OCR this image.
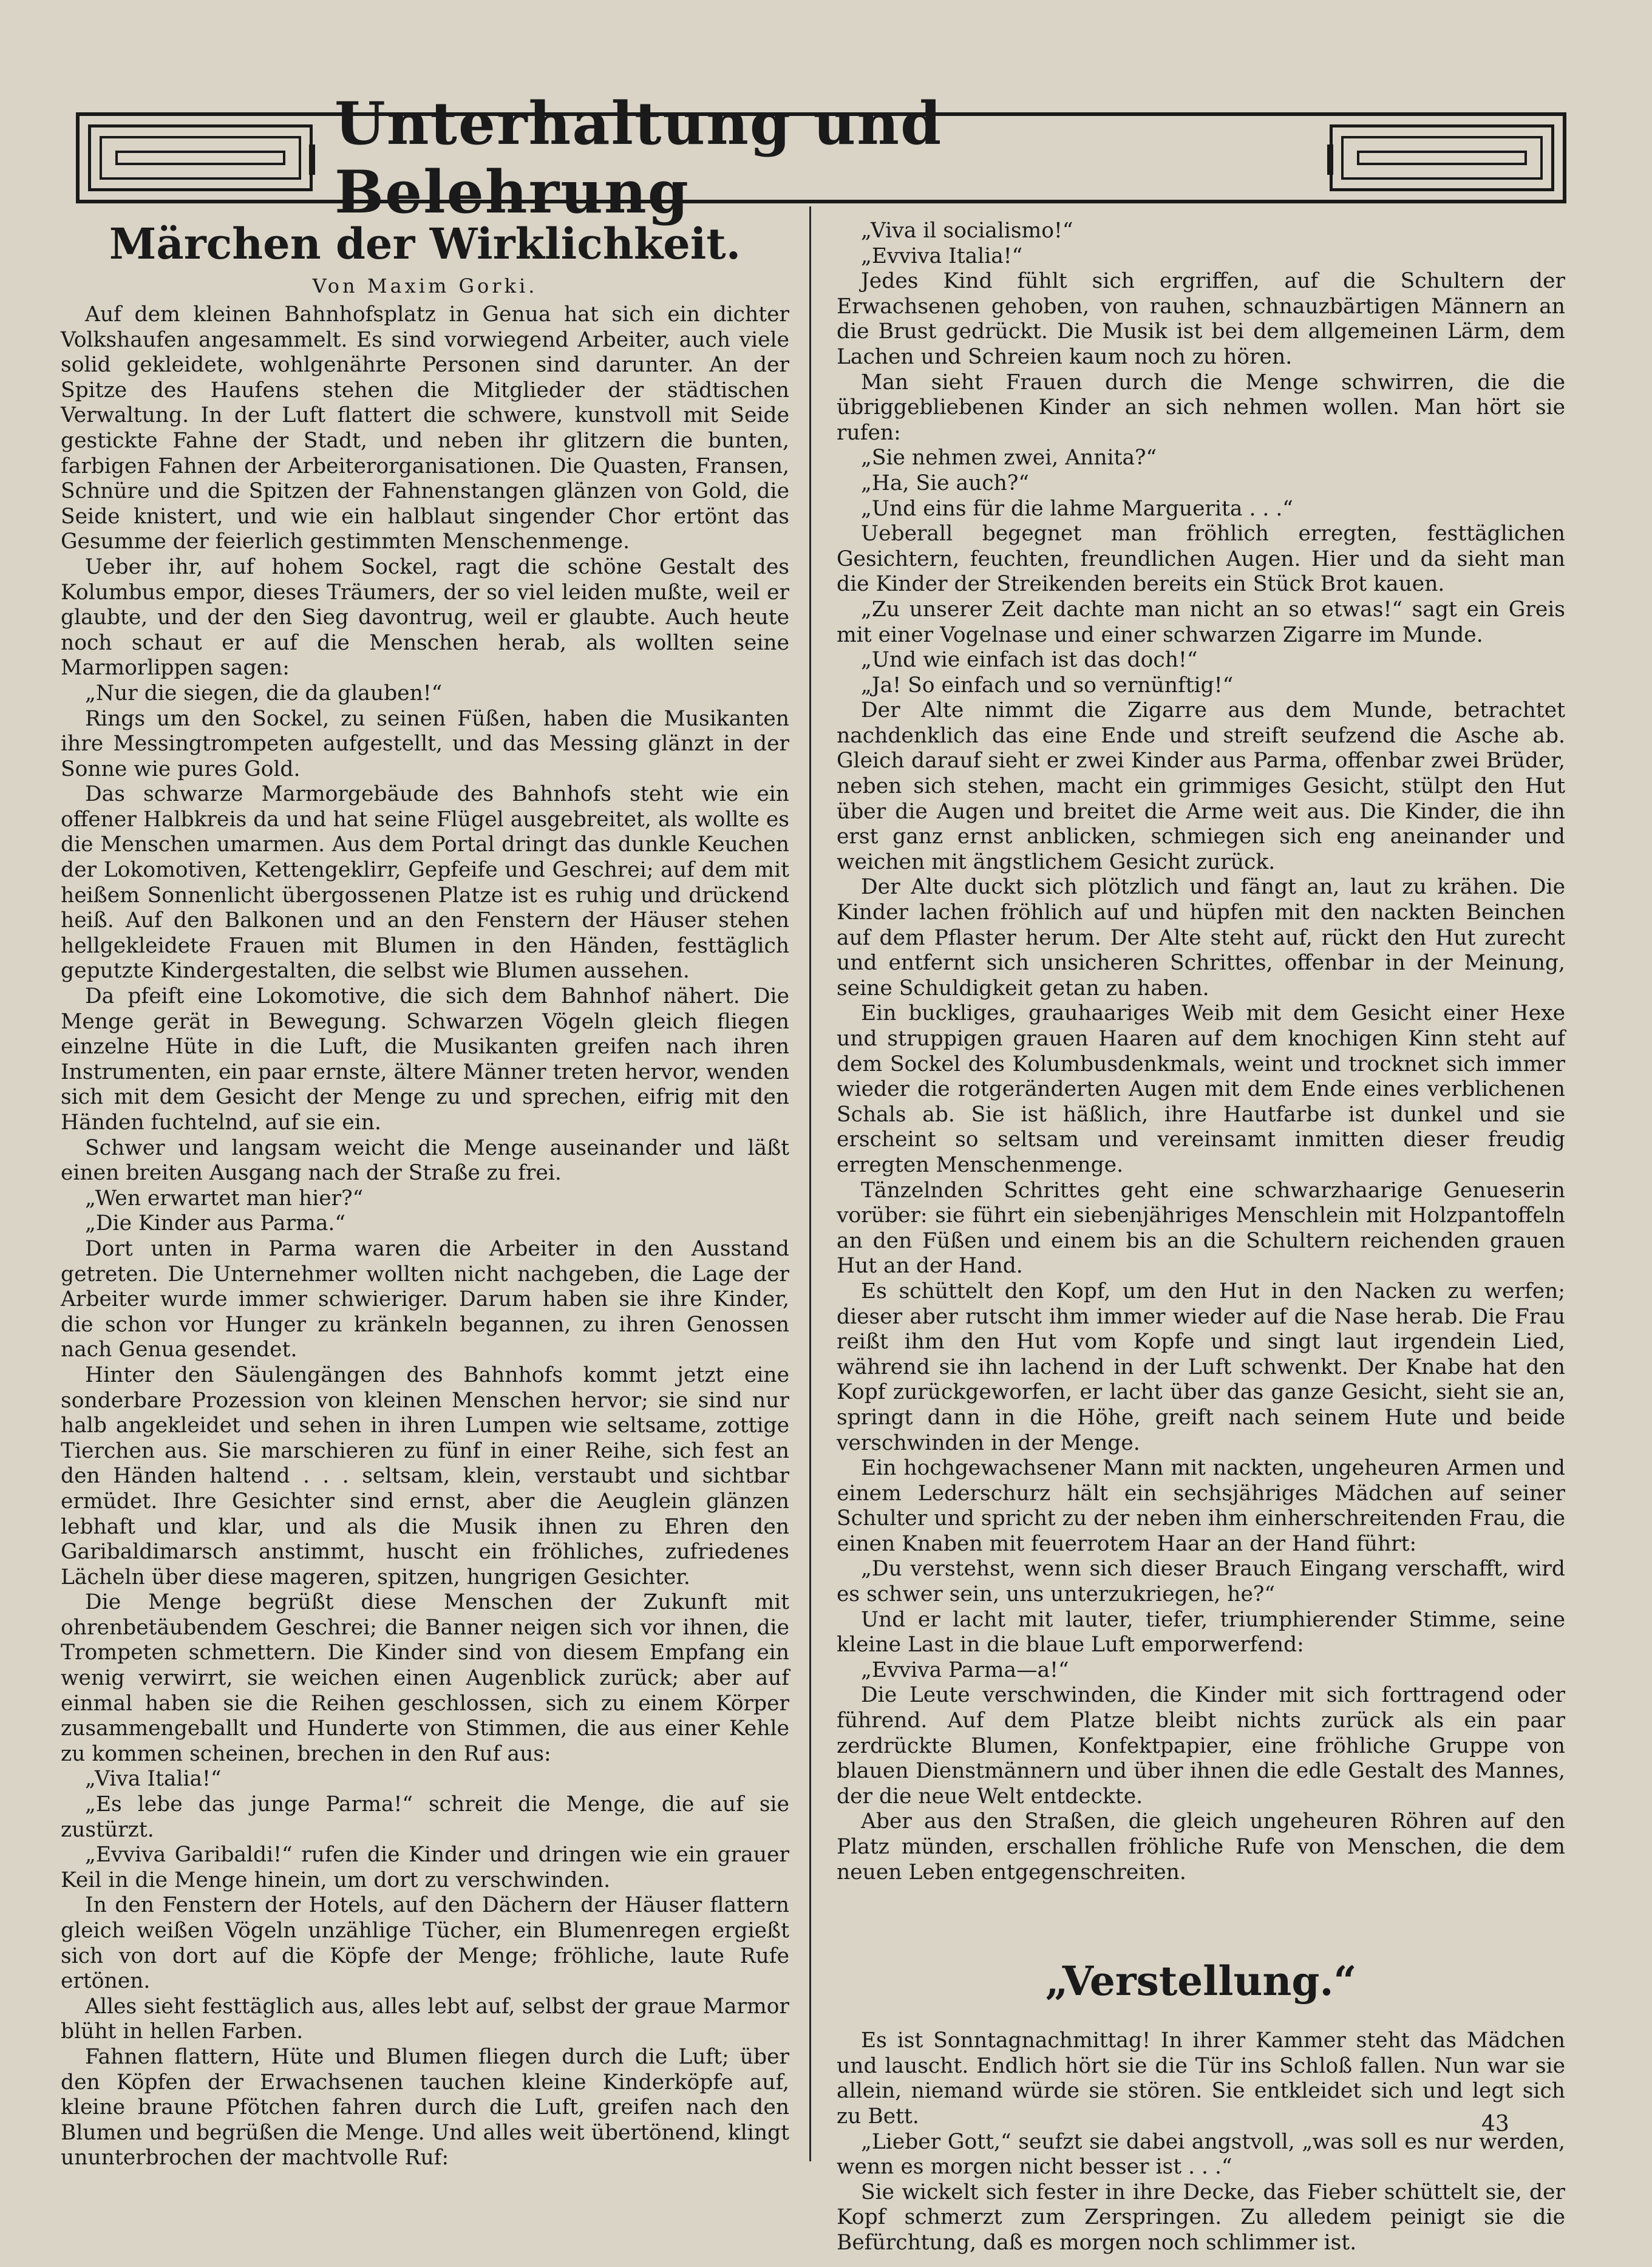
Unterhaltung und Belehrung
Märchen der Wirklichkeit.
Von Maxim Gorki.

Auf dem kleinen Bahnhofsplatz in Genua hat sich ein dichter Volkshaufen angesammelt. Es sind vorwiegend Arbeiter, auch viele solid gekleidete, wohlgenährte Personen sind darunter. An der Spitze des Haufens stehen die Mitglieder der städtischen Verwaltung. In der Luft flattert die schwere, kunstvoll mit Seide gestickte Fahne der Stadt, und neben ihr glitzern die bunten, farbigen Fahnen der Arbeiterorganisationen. Die Quasten, Fransen, Schnüre und die Spitzen der Fahnenstangen glänzen von Gold, die Seide knistert, und wie ein halblaut singender Chor ertönt das Gesumme der feierlich gestimmten Menschenmenge.

Ueber ihr, auf hohem Sockel, ragt die schöne Gestalt des Kolumbus empor, dieses Träumers, der so viel leiden mußte, weil er glaubte, und der den Sieg davontrug, weil er glaubte. Auch heute noch schaut er auf die Menschen herab, als wollten seine Marmorlippen sagen:

„Nur die siegen, die da glauben!“

Rings um den Sockel, zu seinen Füßen, haben die Musikanten ihre Messingtrompeten aufgestellt, und das Messing glänzt in der Sonne wie pures Gold.

Das schwarze Marmorgebäude des Bahnhofs steht wie ein offener Halbkreis da und hat seine Flügel ausgebreitet, als wollte es die Menschen umarmen. Aus dem Portal dringt das dunkle Keuchen der Lokomotiven, Kettengeklirr, Gepfeife und Geschrei; auf dem mit heißem Sonnenlicht übergossenen Platze ist es ruhig und drückend heiß. Auf den Balkonen und an den Fenstern der Häuser stehen hellgekleidete Frauen mit Blumen in den Händen, festtäglich geputzte Kindergestalten, die selbst wie Blumen aussehen.

Da pfeift eine Lokomotive, die sich dem Bahnhof nähert. Die Menge gerät in Bewegung. Schwarzen Vögeln gleich fliegen einzelne Hüte in die Luft, die Musikanten greifen nach ihren Instrumenten, ein paar ernste, ältere Männer treten hervor, wenden sich mit dem Gesicht der Menge zu und sprechen, eifrig mit den Händen fuchtelnd, auf sie ein.

Schwer und langsam weicht die Menge auseinander und läßt einen breiten Ausgang nach der Straße zu frei.

„Wen erwartet man hier?“

„Die Kinder aus Parma.“

Dort unten in Parma waren die Arbeiter in den Ausstand getreten. Die Unternehmer wollten nicht nachgeben, die Lage der Arbeiter wurde immer schwieriger. Darum haben sie ihre Kinder, die schon vor Hunger zu kränkeln begannen, zu ihren Genossen nach Genua gesendet.

Hinter den Säulengängen des Bahnhofs kommt jetzt eine sonderbare Prozession von kleinen Menschen hervor; sie sind nur halb angekleidet und sehen in ihren Lumpen wie seltsame, zottige Tierchen aus. Sie marschieren zu fünf in einer Reihe, sich fest an den Händen haltend . . . seltsam, klein, verstaubt und sichtbar ermüdet. Ihre Gesichter sind ernst, aber die Aeuglein glänzen lebhaft und klar, und als die Musik ihnen zu Ehren den Garibaldimarsch anstimmt, huscht ein fröhliches, zufriedenes Lächeln über diese mageren, spitzen, hungrigen Gesichter.

Die Menge begrüßt diese Menschen der Zukunft mit ohrenbetäubendem Geschrei; die Banner neigen sich vor ihnen, die Trompeten schmettern. Die Kinder sind von diesem Empfang ein wenig verwirrt, sie weichen einen Augenblick zurück; aber auf einmal haben sie die Reihen geschlossen, sich zu einem Körper zusammengeballt und Hunderte von Stimmen, die aus einer Kehle zu kommen scheinen, brechen in den Ruf aus:

„Viva Italia!“

„Es lebe das junge Parma!“ schreit die Menge, die auf sie zustürzt.

„Evviva Garibaldi!“ rufen die Kinder und dringen wie ein grauer Keil in die Menge hinein, um dort zu verschwinden.

In den Fenstern der Hotels, auf den Dächern der Häuser flattern gleich weißen Vögeln unzählige Tücher, ein Blumenregen ergießt sich von dort auf die Köpfe der Menge; fröhliche, laute Rufe ertönen.

Alles sieht festtäglich aus, alles lebt auf, selbst der graue Marmor blüht in hellen Farben.

Fahnen flattern, Hüte und Blumen fliegen durch die Luft; über den Köpfen der Erwachsenen tauchen kleine Kinderköpfe auf, kleine braune Pfötchen fahren durch die Luft, greifen nach den Blumen und begrüßen die Menge. Und alles weit übertönend, klingt ununterbrochen der machtvolle Ruf:

„Viva il socialismo!“

„Evviva Italia!“

Jedes Kind fühlt sich ergriffen, auf die Schultern der Erwachsenen gehoben, von rauhen, schnauzbärtigen Männern an die Brust gedrückt. Die Musik ist bei dem allgemeinen Lärm, dem Lachen und Schreien kaum noch zu hören.

Man sieht Frauen durch die Menge schwirren, die die übriggebliebenen Kinder an sich nehmen wollen. Man hört sie rufen:

„Sie nehmen zwei, Annita?“

„Ha, Sie auch?“

„Und eins für die lahme Marguerita . . .“

Ueberall begegnet man fröhlich erregten, festtäglichen Gesichtern, feuchten, freundlichen Augen. Hier und da sieht man die Kinder der Streikenden bereits ein Stück Brot kauen.

„Zu unserer Zeit dachte man nicht an so etwas!“ sagt ein Greis mit einer Vogelnase und einer schwarzen Zigarre im Munde.

„Und wie einfach ist das doch!“

„Ja! So einfach und so vernünftig!“

Der Alte nimmt die Zigarre aus dem Munde, betrachtet nachdenklich das eine Ende und streift seufzend die Asche ab. Gleich darauf sieht er zwei Kinder aus Parma, offenbar zwei Brüder, neben sich stehen, macht ein grimmiges Gesicht, stülpt den Hut über die Augen und breitet die Arme weit aus. Die Kinder, die ihn erst ganz ernst anblicken, schmiegen sich eng aneinander und weichen mit ängstlichem Gesicht zurück.

Der Alte duckt sich plötzlich und fängt an, laut zu krähen. Die Kinder lachen fröhlich auf und hüpfen mit den nackten Beinchen auf dem Pflaster herum. Der Alte steht auf, rückt den Hut zurecht und entfernt sich unsicheren Schrittes, offenbar in der Meinung, seine Schuldigkeit getan zu haben.

Ein buckliges, grauhaariges Weib mit dem Gesicht einer Hexe und struppigen grauen Haaren auf dem knochigen Kinn steht auf dem Sockel des Kolumbusdenkmals, weint und trocknet sich immer wieder die rotgeränderten Augen mit dem Ende eines verblichenen Schals ab. Sie ist häßlich, ihre Hautfarbe ist dunkel und sie erscheint so seltsam und vereinsamt inmitten dieser freudig erregten Menschenmenge.

Tänzelnden Schrittes geht eine schwarzhaarige Genueserin vorüber: sie führt ein siebenjähriges Menschlein mit Holzpantoffeln an den Füßen und einem bis an die Schultern reichenden grauen Hut an der Hand.

Es schüttelt den Kopf, um den Hut in den Nacken zu werfen; dieser aber rutscht ihm immer wieder auf die Nase herab. Die Frau reißt ihm den Hut vom Kopfe und singt laut irgendein Lied, während sie ihn lachend in der Luft schwenkt. Der Knabe hat den Kopf zurückgeworfen, er lacht über das ganze Gesicht, sieht sie an, springt dann in die Höhe, greift nach seinem Hute und beide verschwinden in der Menge.

Ein hochgewachsener Mann mit nackten, ungeheuren Armen und einem Lederschurz hält ein sechsjähriges Mädchen auf seiner Schulter und spricht zu der neben ihm einherschreitenden Frau, die einen Knaben mit feuerrotem Haar an der Hand führt:

„Du verstehst, wenn sich dieser Brauch Eingang verschafft, wird es schwer sein, uns unterzukriegen, he?“

Und er lacht mit lauter, tiefer, triumphierender Stimme, seine kleine Last in die blaue Luft emporwerfend:

„Evviva Parma—a!“

Die Leute verschwinden, die Kinder mit sich forttragend oder führend. Auf dem Platze bleibt nichts zurück als ein paar zerdrückte Blumen, Konfektpapier, eine fröhliche Gruppe von blauen Dienstmännern und über ihnen die edle Gestalt des Mannes, der die neue Welt entdeckte.

Aber aus den Straßen, die gleich ungeheuren Röhren auf den Platz münden, erschallen fröhliche Rufe von Menschen, die dem neuen Leben entgegenschreiten.

„Verstellung.“

Es ist Sonntagnachmittag! In ihrer Kammer steht das Mädchen und lauscht. Endlich hört sie die Tür ins Schloß fallen. Nun war sie allein, niemand würde sie stören. Sie entkleidet sich und legt sich zu Bett.

„Lieber Gott,“ seufzt sie dabei angstvoll, „was soll es nur werden, wenn es morgen nicht besser ist . . .“

Sie wickelt sich fester in ihre Decke, das Fieber schüttelt sie, der Kopf schmerzt zum Zerspringen. Zu alledem peinigt sie die Befürchtung, daß es morgen noch schlimmer ist.

43
